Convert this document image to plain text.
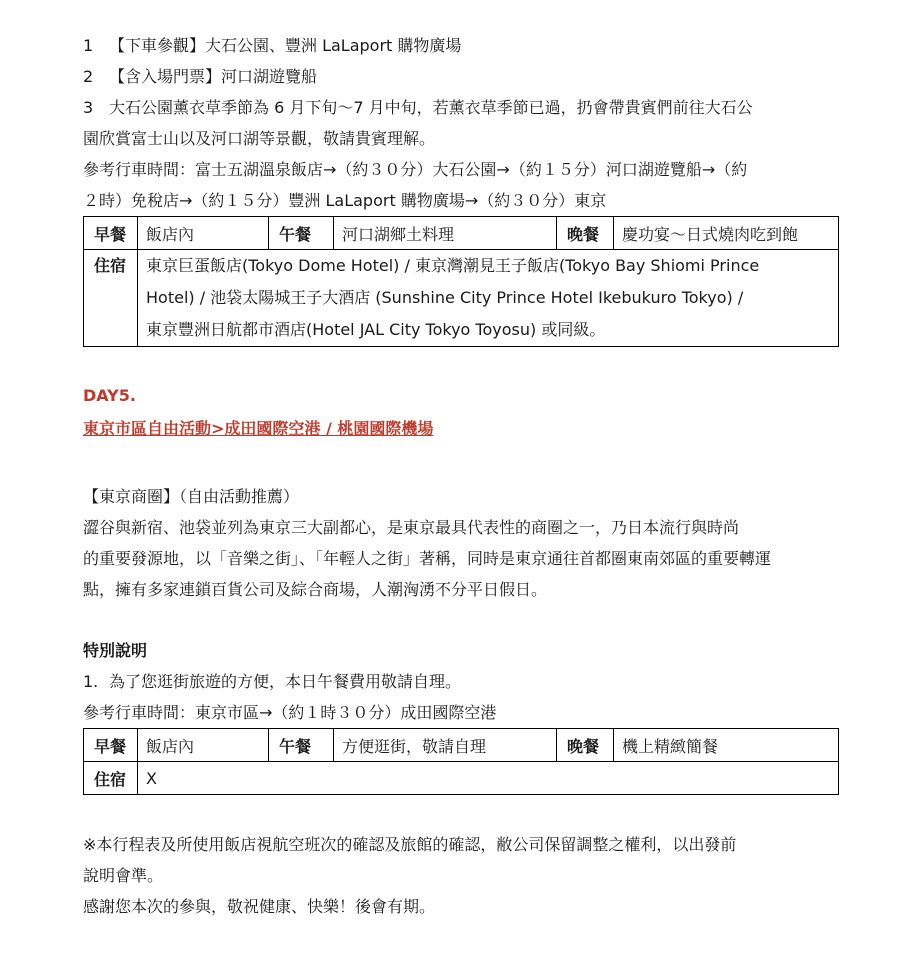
1 【下車參觀】大石公園、豐洲 LaLaport 購物廣場

2 【含入場門票】河口湖遊覽船

3 大石公園薰衣草季節為 6 月下旬～7 月中旬，若薰衣草季節已過，扔會帶貴賓們前往大石公

園欣賞富士山以及河口湖等景觀，敬請貴賓理解。

參考行車時間：富士五湖溫泉飯店→（約３０分）大石公園→（約１５分）河口湖遊覽船→（約

２時）免稅店→（約１５分）豐洲 LaLaport 購物廣場→（約３０分）東京

早餐	飯店內	午餐	河口湖鄉土料理	晚餐	慶功宴～日式燒肉吃到飽
住宿	東京巨蛋飯店(Tokyo Dome Hotel) / 東京灣潮見王子飯店(Tokyo Bay Shiomi Prince
Hotel) / 池袋太陽城王子大酒店 (Sunshine City Prince Hotel Ikebukuro Tokyo) /
東京豐洲日航都市酒店(Hotel JAL City Tokyo Toyosu) 或同級。				

DAY5.

東京市區自由活動>成田國際空港 / 桃園國際機場

【東京商圈】（自由活動推薦）

澀谷與新宿、池袋並列為東京三大副都心，是東京最具代表性的商圈之一，乃日本流行與時尚

的重要發源地，以「音樂之街」、「年輕人之街」著稱，同時是東京通往首都圈東南郊區的重要轉運

點，擁有多家連鎖百貨公司及綜合商場，人潮洶湧不分平日假日。

特別說明

1. 為了您逛街旅遊的方便，本日午餐費用敬請自理。

參考行車時間：東京市區→（約１時３０分）成田國際空港

早餐	飯店內	午餐	方便逛街，敬請自理	晚餐	機上精緻簡餐
住宿	X				

※本行程表及所使用飯店視航空班次的確認及旅館的確認，敝公司保留調整之權利，以出發前

說明會準。

感謝您本次的參與，敬祝健康、快樂！後會有期。
